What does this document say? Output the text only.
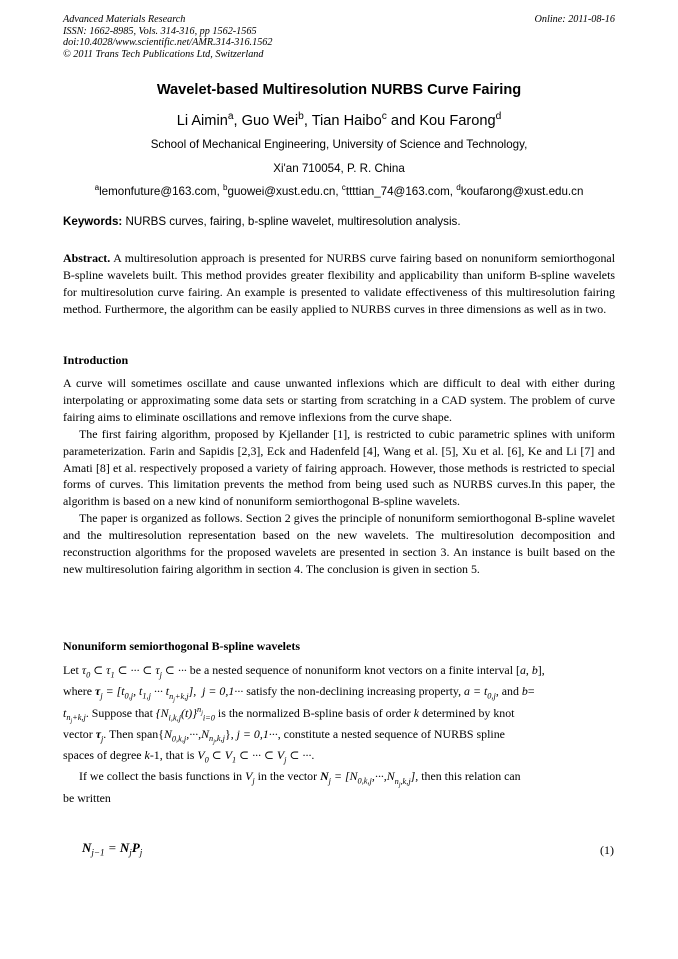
Advanced Materials Research
ISSN: 1662-8985, Vols. 314-316, pp 1562-1565
doi:10.4028/www.scientific.net/AMR.314-316.1562
© 2011 Trans Tech Publications Ltd, Switzerland
Online: 2011-08-16
Wavelet-based Multiresolution NURBS Curve Fairing
Li Aimin$^a$, Guo Wei$^b$, Tian Haibo$^c$ and Kou Farong$^d$
School of Mechanical Engineering, University of Science and Technology,
Xi'an 710054, P. R. China
$^a$lemonfuture@163.com, $^b$guowei@xust.edu.cn, $^c$ttttian_74@163.com, $^d$koufarong@xust.edu.cn
Keywords: NURBS curves, fairing, b-spline wavelet, multiresolution analysis.
Abstract. A multiresolution approach is presented for NURBS curve fairing based on nonuniform semiorthogonal B-spline wavelets built. This method provides greater flexibility and applicability than uniform B-spline wavelets for multiresolution curve fairing. An example is presented to validate effectiveness of this multiresolution fairing method. Furthermore, the algorithm can be easily applied to NURBS curves in three dimensions as well as in two.
Introduction
A curve will sometimes oscillate and cause unwanted inflexions which are difficult to deal with either during interpolating or approximating some data sets or starting from scratching in a CAD system. The problem of curve fairing aims to eliminate oscillations and remove inflexions from the curve shape.
The first fairing algorithm, proposed by Kjellander [1], is restricted to cubic parametric splines with uniform parameterization. Farin and Sapidis [2,3], Eck and Hadenfeld [4], Wang et al. [5], Xu et al. [6], Ke and Li [7] and Amati [8] et al. respectively proposed a variety of fairing approach. However, those methods is restricted to special forms of curves. This limitation prevents the method from being used such as NURBS curves.In this paper, the algorithm is based on a new kind of nonuniform semiorthogonal B-spline wavelets.
The paper is organized as follows. Section 2 gives the principle of nonuniform semiorthogonal B-spline wavelet and the multiresolution representation based on the new wavelets. The multiresolution decomposition and reconstruction algorithms for the proposed wavelets are presented in section 3. An instance is built based on the new multiresolution fairing algorithm in section 4. The conclusion is given in section 5.
Nonuniform semiorthogonal B-spline wavelets
Let $\tau_0$ ⊂ $\tau_1$ ⊂ ··· ⊂ $\tau_j$ ⊂ ··· be a nested sequence of nonuniform knot vectors on a finite interval [a, b],
where $\tau_j = [t_{0,j}$, $t_{1,j}$ ··· $t_{n_j+k,j}$],  j = 0,1··· satisfy the non-declining increasing property, $a = t_{0,j}$, and b=
$t_{n_j+k,j}$. Suppose that $\{N_{i,k,j}(t)\}^{n_j}_{i=0}$ is the normalized B-spline basis of order k determined by knot
vector $\tau_j$. Then $span\{N_{0,k,j},\cdot\cdot\cdot,N_{n_j,k,j}\}$, j = 0,1···, constitute a nested sequence of NURBS spline
spaces of degree k-1, that is $V_0$ ⊂ $V_1$ ⊂ ··· ⊂ $V_j$ ⊂ ···.
If we collect the basis functions in $V_j$ in the vector $N_j = [N_{0,k,j},\cdot\cdot\cdot,N_{n_j,k,j}]$, then this relation can
be written
$N_{j-1} = N_jP_j$	(1)
